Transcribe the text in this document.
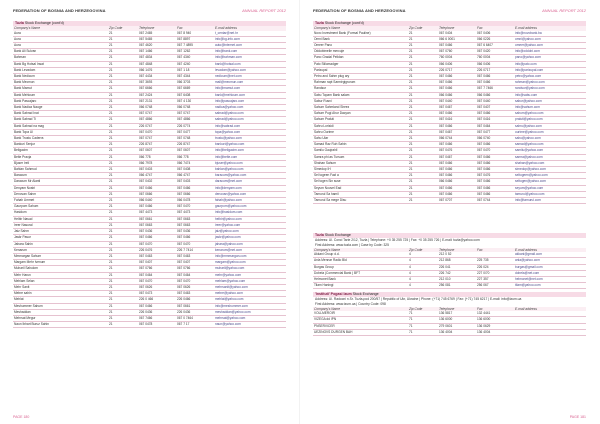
FEDERATION OF BOSNIA AND HERZEGOVINA	ANNUAL REPORT 2012
Tuzla Stock Exchange (cont'd)
Company's Name	Zip Code	Telephone	Fax	E-mail address
Aura	21	067 2465	067 8 940	t_centar@net.hr
Aura	21	067 5465	067 8897	info@kg-info.com
Aura	21	067 4620	067 7 4895	auto@internet.com
Bank Ali Sulvan	21	067 1466	067 1262	info@bank.com
Bahman	21	067 4834	067 4340	info@bahman.com
Bank Bg Hotsal Insat	21	067 4848	067 4240	bank@hotsal.com
Bank Levadom	21	066 1476	067 1 18	levadom@yahoo.com
Bank Nedicum	21	067 4434	067 4344	nedicum@net.com
Bank Mecmun	21	067 3693	066 3703	mail@mecmun.com
Bank Mamut	21	067 6666	067 6669	info@mamut.com
Bank Mehicum	21	067 2424	067 6408	bank@mehicum.com
Bank Pascajaro	21	067 2131	067 4 130	info@pascajaro.com
Bank Nadica Nauge	21	066 0748	066 0748	nadica@yahoo.com
Bank Sabrad Inat	21	067 0747	067 0747	sabrad@yahoo.com
Bank Sabrad Ti	21	067 4866	067 4866	sabrad@yahoo.com
Bank Sabrad na mag	21	226 0747	226 0774	info@sabrad.com
Bank Topa Ul	21	067 0470	067 0477	topa@yahoo.com
Bank Trustu Caderra	21	067 0747	067 0748	trustu@yahoo.com
Bankuri Senjur	21	226 8747	226 8747	bankuri@yahoo.com
Beligacim	21	067 0607	067 0607	info@beligacim.com
Belte Pravja	21	066 778	066 778	info@belte.com
Bjuser Ireli	21	066 7978	066 7474	bjuser@yahoo.com
Bahlan Sahmud	21	067 0403	067 0408	bahlan@yahoo.com
Baracum	21	066 4747	066 4747	baracum@yahoo.com
Daracum Mr Alanti	21	067 0402	067 0403	daracum@net.com
Denyam Nostri	21	067 0466	067 0466	info@denyam.com
Denovan Sahm	21	067 0666	067 0666	denovan@yahoo.com
Fahah Ummet	21	066 0440	066 0478	fahah@yahoo.com
Gaurpom Sahum	21	067 0466	067 0470	gaurpom@yahoo.com
Hasidum	21	067 4473	067 4473	info@hasidum.com
Helbir Nasud	21	067 0661	067 0663	helbir@yahoo.com
Ireer Nasural	21	067 0663	067 0663	ireer@yahoo.com
Jaiz Sahm	21	067 0436	067 0436	jaiz@yahoo.com
Jaskr Pasur	21	067 0466	067 0466	jaskr@yahoo.com
Jahara Sahin	21	067 0470	067 0470	jahara@yahoo.com
Kenarum	21	226 0476	226 7 7414	kenarum@net.com
Mmmargan Sahum	21	067 0463	067 0463	info@mmmargan.com
Margam Mehr Ivenum	21	067 0407	067 0407	margam@yahoo.com
Muharil Sahulom	21	067 0766	067 0766	muharil@yahoo.com
Mehr Harun	21	067 0464	067 0464	mehr@yahoo.com
Mehlam Selan	21	067 0470	067 0470	mehlam@yahoo.com
Mehr Sanit	21	067 0626	067 0626	mehrsanit@yahoo.com
Mebre sahin	21	067 0473	067 0463	mebre@yahoo.com
Mehlat	21	226 0 466	226 0466	mehlat@yahoo.com
Meshummer Sahum	21	067 0466	067 0661	info@meshummer.com
Meshaddan	21	226 0436	226 0436	meshaddan@yahoo.com
Mehrsat Megur	21	067 7466	067 0 7464	mehrsat@yahoo.com
Naun Ibhart Buruz Sahin	21	067 0478	067 7 17	naun@yahoo.com
PAGE 180
FEDERATION OF BOSNIA AND HERZEGOVINA	ANNUAL REPORT 2012
Tuzla Stock Exchange (cont'd)
Company's Name	Zip Code	Telephone	Fax	E-mail address
Novo Investment Bank (Formal Pauline)	21	067 0404	067 0406	info@novobank.ba
Omni Bank	21	066 6 0001	066 0226	omni@yahoo.com
Omeer Pano	21	067 0466	067 6 6407	omeer@yahoo.com
Oddobimelle mercuje	21	067 0760	067 0420	info@oddobi.com
Pano Gradal Pelidan	21	760 0004	760 0004	pano@yahoo.com
Pato Stilomadger	21	066 0406	066 0406	info@pato.com
Parizupal	21	226 0717	226 0717	info@parizupal.com
Petro and Sahm plug ary	21	067 0466	067 0466	petro@yahoo.com
Rahman rapt Sarmirgigrurum	21	067 0466	067 0466	rahman@yahoo.com
Randsur	21	067 0466	067 7 7466	randsur@yahoo.com
Sabu Topam Bank salam	21	066 0466	066 0466	info@sabu.com
Sabur Rusni	21	067 0440	067 0440	sabur@yahoo.com
Sahum Sahmland Sheez	21	067 0467	067 0407	info@sahum.com
Sahum Pugi Ahur Dacyan	21	067 0466	067 0466	sahum@yahoo.com
Sahum Praluti	21	067 0416	067 0416	praluti@yahoo.com
Sahru Lorisidi	21	067 0466	067 0464	sahru@yahoo.com
Sahru Ourime	21	067 0467	067 0477	ourime@yahoo.com
Sahu Ular	21	066 0744	066 0740	sahu@yahoo.com
Samad Raz Ruh Sahin	21	067 0466	067 0466	samad@yahoo.com
Samilu Gaujrahil	21	067 0476	067 0470	samilu@yahoo.com
Samra phi as Tursum	21	067 0467	067 0466	samra@yahoo.com
Shahan Sahum	21	067 0466	067 0466	shahan@yahoo.com
Simedop IH	21	067 0466	067 0466	simedop@yahoo.com
Sel togeen Fazl a	21	067 0466	067 0476	seltogeen@yahoo.com
Sel togen Sin suse	21	066 0466	067 0466	seltogen@yahoo.com
Seyum Nouvel Ead	21	067 0466	067 0466	seyum@yahoo.com
Tamurul Sa hamil	21	067 0466	067 0466	tamurul@yahoo.com
Tamurul Sa mege Disu	21	067 0707	067 0744	info@tamurul.com
Tuzla Stock Exchange
Address: Ul. Conci Tarie 2/12, Tuzla | Telephone: +0 35 255 725 | Fax: +0 35 255 726 | E-mail: tuzla@yahoo.com
First Address: www.tuzla.com | Case by Code: 325
Company's Name	Zip Code	Telephone	Fax	E-mail address
Akkani Group d.d.	4	212 0 52		akkani@gmail.com
Anla Mennar Radio Bld	4	212 868	225 735	anla@yahoo.com
Burgas Group	4	226 041	226 024	burgas@gmail.com
Dobela (Commercial Bank ) BFT	4	226 742	227 0/70	dobela@net.com
Helmonet Bank	4	212 010	227 357	helmonet@net.com
Tilam Haningi	4	256 081	256 067	tilam@yahoo.com
'Instituti' Pogasi Izum Stock Exchange
Address: Ul. Radocni n.Sr. Tuzla-pod 200/57 | Republic of Ukr, Ukraine | Phone: (+71) 745 6769 | Fax: (+71) 745 6217 | E-mail: info@izum.ua
First Address: www.izum.ua | Country Code: 098
Company's Name	Zip Code	Telephone	Fax	E-mail address
VOLLMEROIR	71	136 5817	132 4441	
VIZEGA dd IPN	71	136 6000	136 6000	
PNSERVICER	71	279 0601	136 0629	
UEZINOVS DURGEN BAH	71	136 4004	136 4004	
PAGE 181
